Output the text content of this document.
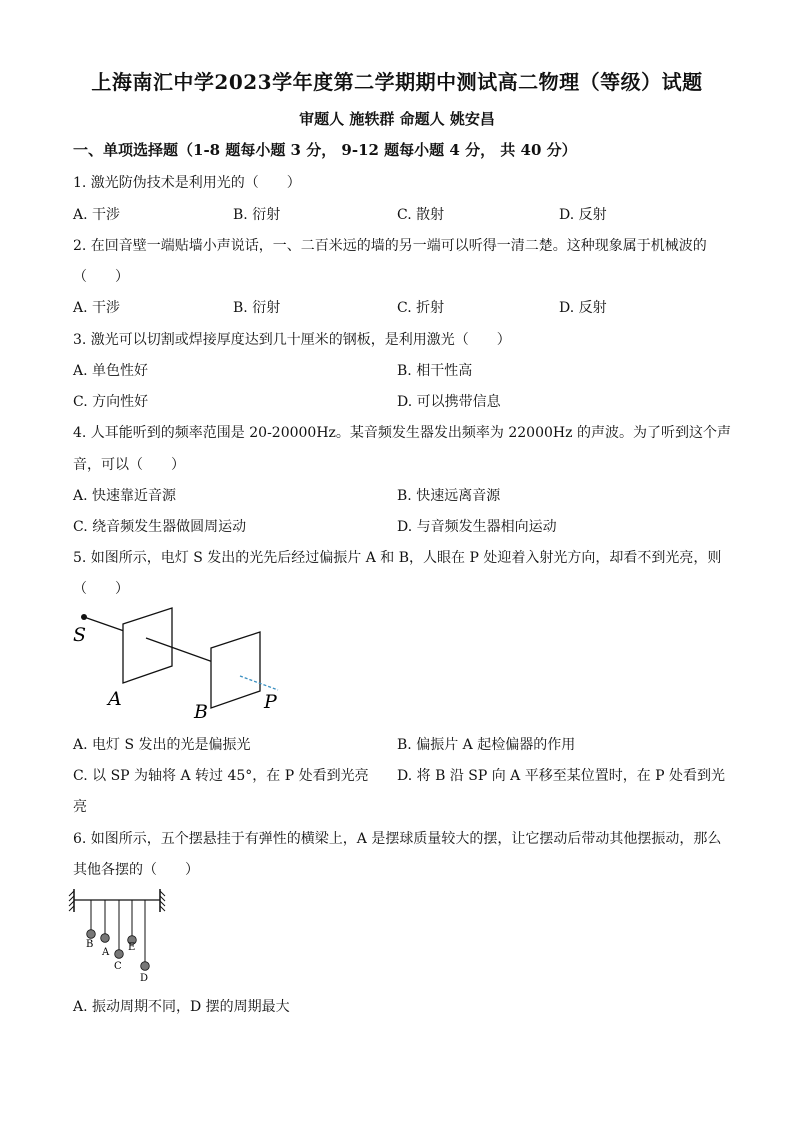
上海南汇中学2023学年度第二学期期中测试高二物理（等级）试题
审题人 施轶群 命题人 姚安昌
一、单项选择题（1-8 题每小题 3 分， 9-12 题每小题 4 分， 共 40 分）
1. 激光防伪技术是利用光的（　　）
A. 干涉	B. 衍射	C. 散射	D. 反射
2. 在回音壁一端贴墙小声说话，一、二百米远的墙的另一端可以听得一清二楚。这种现象属于机械波的
（　　）
A. 干涉	B. 衍射	C. 折射	D. 反射
3. 激光可以切割或焊接厚度达到几十厘米的钢板，是利用激光（　　）
A. 单色性好	B. 相干性高
C. 方向性好	D. 可以携带信息
4. 人耳能听到的频率范围是 20-20000Hz。某音频发生器发出频率为 22000Hz 的声波。为了听到这个声
音，可以（　　）
A. 快速靠近音源	B. 快速远离音源
C. 绕音频发生器做圆周运动	D. 与音频发生器相向运动
5. 如图所示，电灯 S 发出的光先后经过偏振片 A 和 B，人眼在 P 处迎着入射光方向，却看不到光亮，则
（　　）
S
A
B	P
A. 电灯 S 发出的光是偏振光	B. 偏振片 A 起检偏器的作用
C. 以 SP 为轴将 A 转过 45°，在 P 处看到光亮 D. 将 B 沿 SP 向 A 平移至某位置时，在 P 处看到光
亮
6. 如图所示，五个摆悬挂于有弹性的横梁上，A 是摆球质量较大的摆，让它摆动后带动其他摆振动，那么
其他各摆的（　　）
B
A
C
E
D
A. 振动周期不同，D 摆的周期最大
